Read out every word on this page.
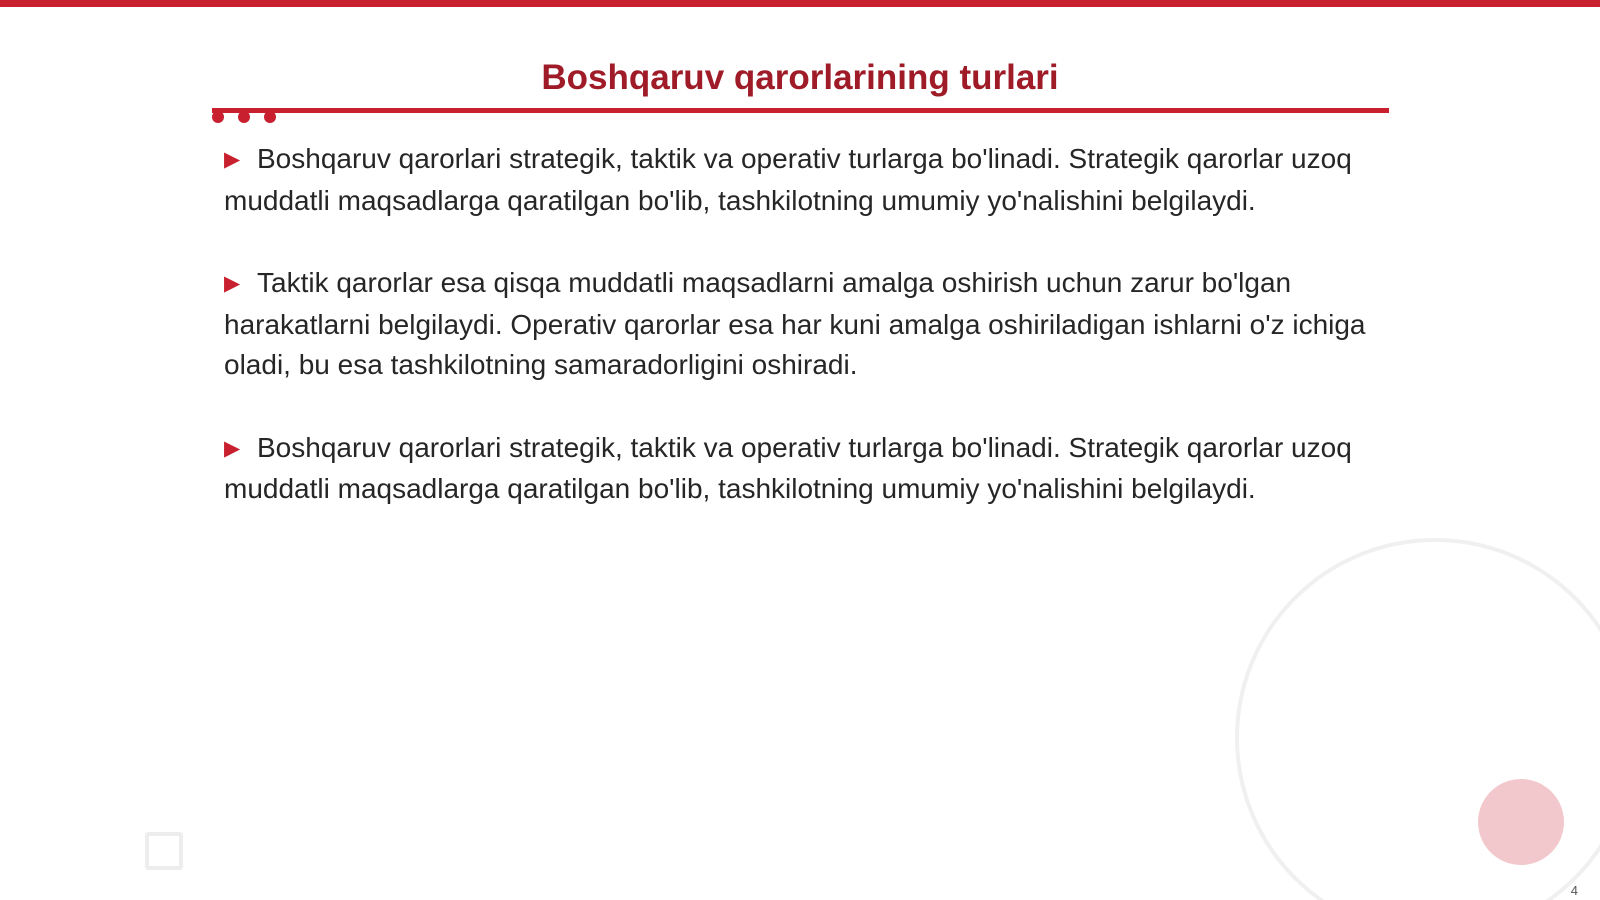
Boshqaruv qarorlarining turlari

▶ Boshqaruv qarorlari strategik, taktik va operativ turlarga bo'linadi. Strategik qarorlar uzoq muddatli maqsadlarga qaratilgan bo'lib, tashkilotning umumiy yo'nalishini belgilaydi.

▶ Taktik qarorlar esa qisqa muddatli maqsadlarni amalga oshirish uchun zarur bo'lgan harakatlarni belgilaydi. Operativ qarorlar esa har kuni amalga oshiriladigan ishlarni o'z ichiga oladi, bu esa tashkilotning samaradorligini oshiradi.

▶ Boshqaruv qarorlari strategik, taktik va operativ turlarga bo'linadi. Strategik qarorlar uzoq muddatli maqsadlarga qaratilgan bo'lib, tashkilotning umumiy yo'nalishini belgilaydi.

4
